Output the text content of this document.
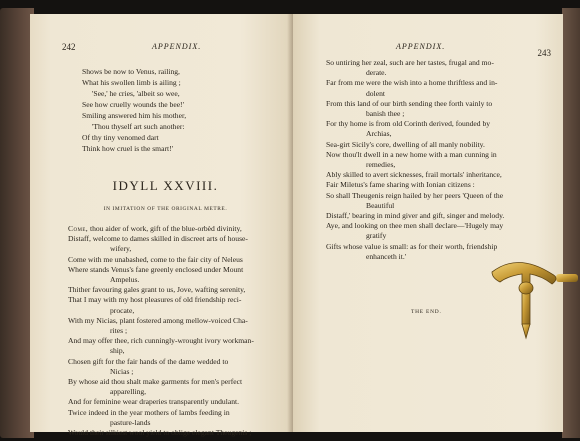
242	APPENDIX.
Shows be now to Venus, railing,
What his swollen limb is ailing ;
'See,' he cries, 'albeit so wee,
See how cruelly wounds the bee!'
Smiling answered him his mother,
'Thou thyself art such another:
Of thy tiny venomed dart
Think how cruel is the smart!'
IDYLL XXVIII.
IN IMITATION OF THE ORIGINAL METRE.
Come, thou aider of work, gift of the blue-orbèd divinity,
Distaff, welcome to dames skilled in discreet arts of house-
wifery,
Come with me unabashed, come to the fair city of Neleus
Where stands Venus's fane greenly enclosed under Mount
Ampelus.
Thither favouring gales grant to us, Jove, wafting serenity,
That I may with my host pleasures of old friendship reci-
procate,
With my Nicias, plant fostered among mellow-voiced Cha-
rites ;
And may offer thee, rich cunningly-wrought ivory workman-
ship,
Chosen gift for the fair hands of the dame wedded to
Nicias ;
By whose aid thou shalt make garments for men's perfect
apparelling,
And for feminine wear draperies transparently undulant.
Twice indeed in the year mothers of lambs feeding in
pasture-lands
Would their silkiest wool yield to oblige elegant Theugenis ;
APPENDIX.
243
So untiring her zeal, such are her tastes, frugal and mo-
derate.
Far from me were the wish into a home thriftless and in-
dolent
From this land of our birth sending thee forth vainly to
banish thee ;
For thy home is from old Corinth derived, founded by
Archias,
Sea-girt Sicily's core, dwelling of all manly nobility.
Now thou'lt dwell in a new home with a man cunning in
remedies,
Ably skilled to avert sicknesses, frail mortals' inheritance,
Fair Miletus's fame sharing with Ionian citizens :
So shall Theugenis reign hailed by her peers 'Queen of the
Beautiful
Distaff,' bearing in mind giver and gift, singer and melody.
Aye, and looking on thee men shall declare—'Hugely may
gratify
Gifts whose value is small: as for their worth, friendship
enhanceth it.'
THE END.
